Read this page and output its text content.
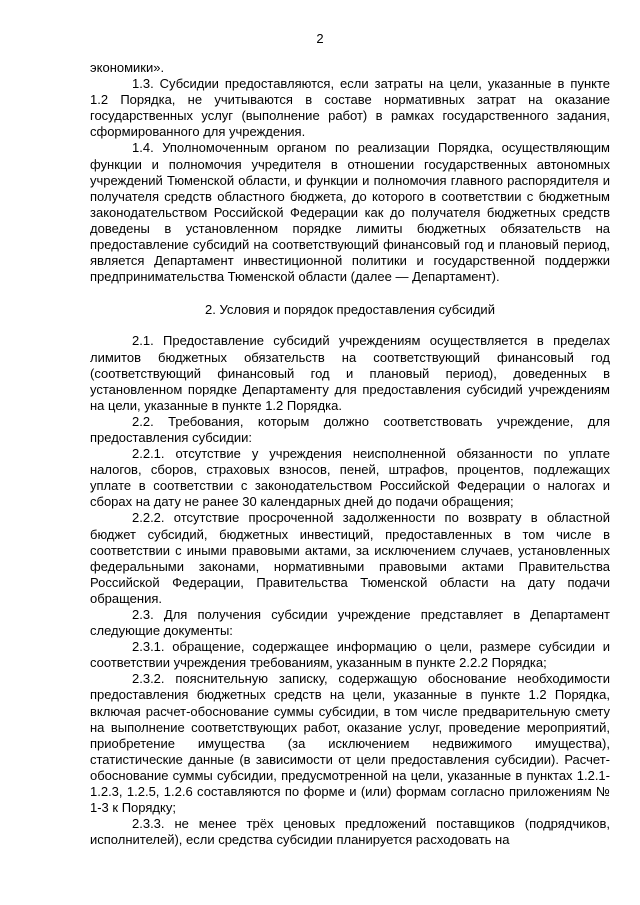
2

экономики».

1.3. Субсидии предоставляются, если затраты на цели, указанные в пункте 1.2 Порядка, не учитываются в составе нормативных затрат на оказание государственных услуг (выполнение работ) в рамках государственного задания, сформированного для учреждения.

1.4. Уполномоченным органом по реализации Порядка, осуществляющим функции и полномочия учредителя в отношении государственных автономных учреждений Тюменской области, и функции и полномочия главного распорядителя и получателя средств областного бюджета, до которого в соответствии с бюджетным законодательством Российской Федерации как до получателя бюджетных средств доведены в установленном порядке лимиты бюджетных обязательств на предоставление субсидий на соответствующий финансовый год и плановый период, является Департамент инвестиционной политики и государственной поддержки предпринимательства Тюменской области (далее — Департамент).

2. Условия и порядок предоставления субсидий

2.1. Предоставление субсидий учреждениям осуществляется в пределах лимитов бюджетных обязательств на соответствующий финансовый год (соответствующий финансовый год и плановый период), доведенных в установленном порядке Департаменту для предоставления субсидий учреждениям на цели, указанные в пункте 1.2 Порядка.

2.2. Требования, которым должно соответствовать учреждение, для предоставления субсидии:

2.2.1. отсутствие у учреждения неисполненной обязанности по уплате налогов, сборов, страховых взносов, пеней, штрафов, процентов, подлежащих уплате в соответствии с законодательством Российской Федерации о налогах и сборах на дату не ранее 30 календарных дней до подачи обращения;

2.2.2. отсутствие просроченной задолженности по возврату в областной бюджет субсидий, бюджетных инвестиций, предоставленных в том числе в соответствии с иными правовыми актами, за исключением случаев, установленных федеральными законами, нормативными правовыми актами Правительства Российской Федерации, Правительства Тюменской области на дату подачи обращения.

2.3. Для получения субсидии учреждение представляет в Департамент следующие документы:

2.3.1. обращение, содержащее информацию о цели, размере субсидии и соответствии учреждения требованиям, указанным в пункте 2.2.2 Порядка;

2.3.2. пояснительную записку, содержащую обоснование необходимости предоставления бюджетных средств на цели, указанные в пункте 1.2 Порядка, включая расчет-обоснование суммы субсидии, в том числе предварительную смету на выполнение соответствующих работ, оказание услуг, проведение мероприятий, приобретение имущества (за исключением недвижимого имущества), статистические данные (в зависимости от цели предоставления субсидии). Расчет-обоснование суммы субсидии, предусмотренной на цели, указанные в пунктах 1.2.1-1.2.3, 1.2.5, 1.2.6 составляются по форме и (или) формам согласно приложениям № 1-3 к Порядку;

2.3.3. не менее трёх ценовых предложений поставщиков (подрядчиков, исполнителей), если средства субсидии планируется расходовать на
